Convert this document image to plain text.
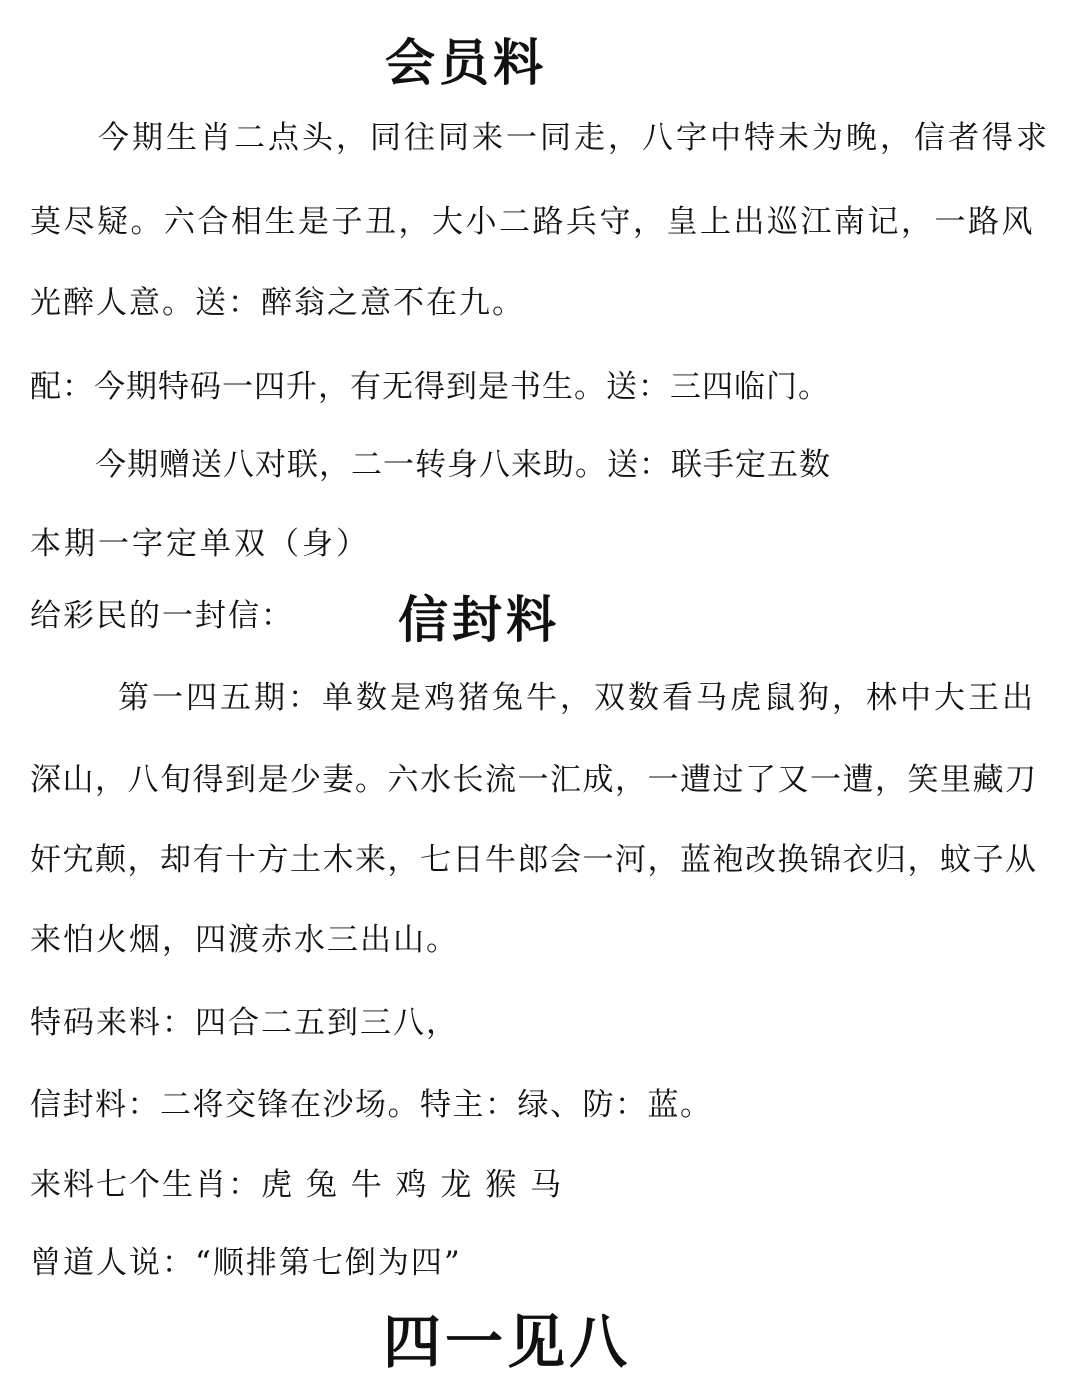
会员料
今期生肖二点头，同往同来一同走，八字中特未为晚，信者得求
莫尽疑。六合相生是子丑，大小二路兵守，皇上出巡江南记，一路风
光醉人意。送：醉翁之意不在九。
配：今期特码一四升，有无得到是书生。送：三四临门。
今期赠送八对联，二一转身八来助。送：联手定五数
本期一字定单双（身）
给彩民的一封信： 信封料
第一四五期：单数是鸡猪兔牛，双数看马虎鼠狗，林中大王出
深山，八旬得到是少妻。六水长流一汇成，一遭过了又一遭，笑里藏刀
奸宄颠，却有十方土木来，七日牛郎会一河，蓝袍改换锦衣归，蚊子从
来怕火烟，四渡赤水三出山。
特码来料：四合二五到三八，
信封料：二将交锋在沙场。特主：绿、防：蓝。
来料七个生肖：虎 兔 牛 鸡 龙 猴 马
曾道人说：“顺排第七倒为四”
四一见八
